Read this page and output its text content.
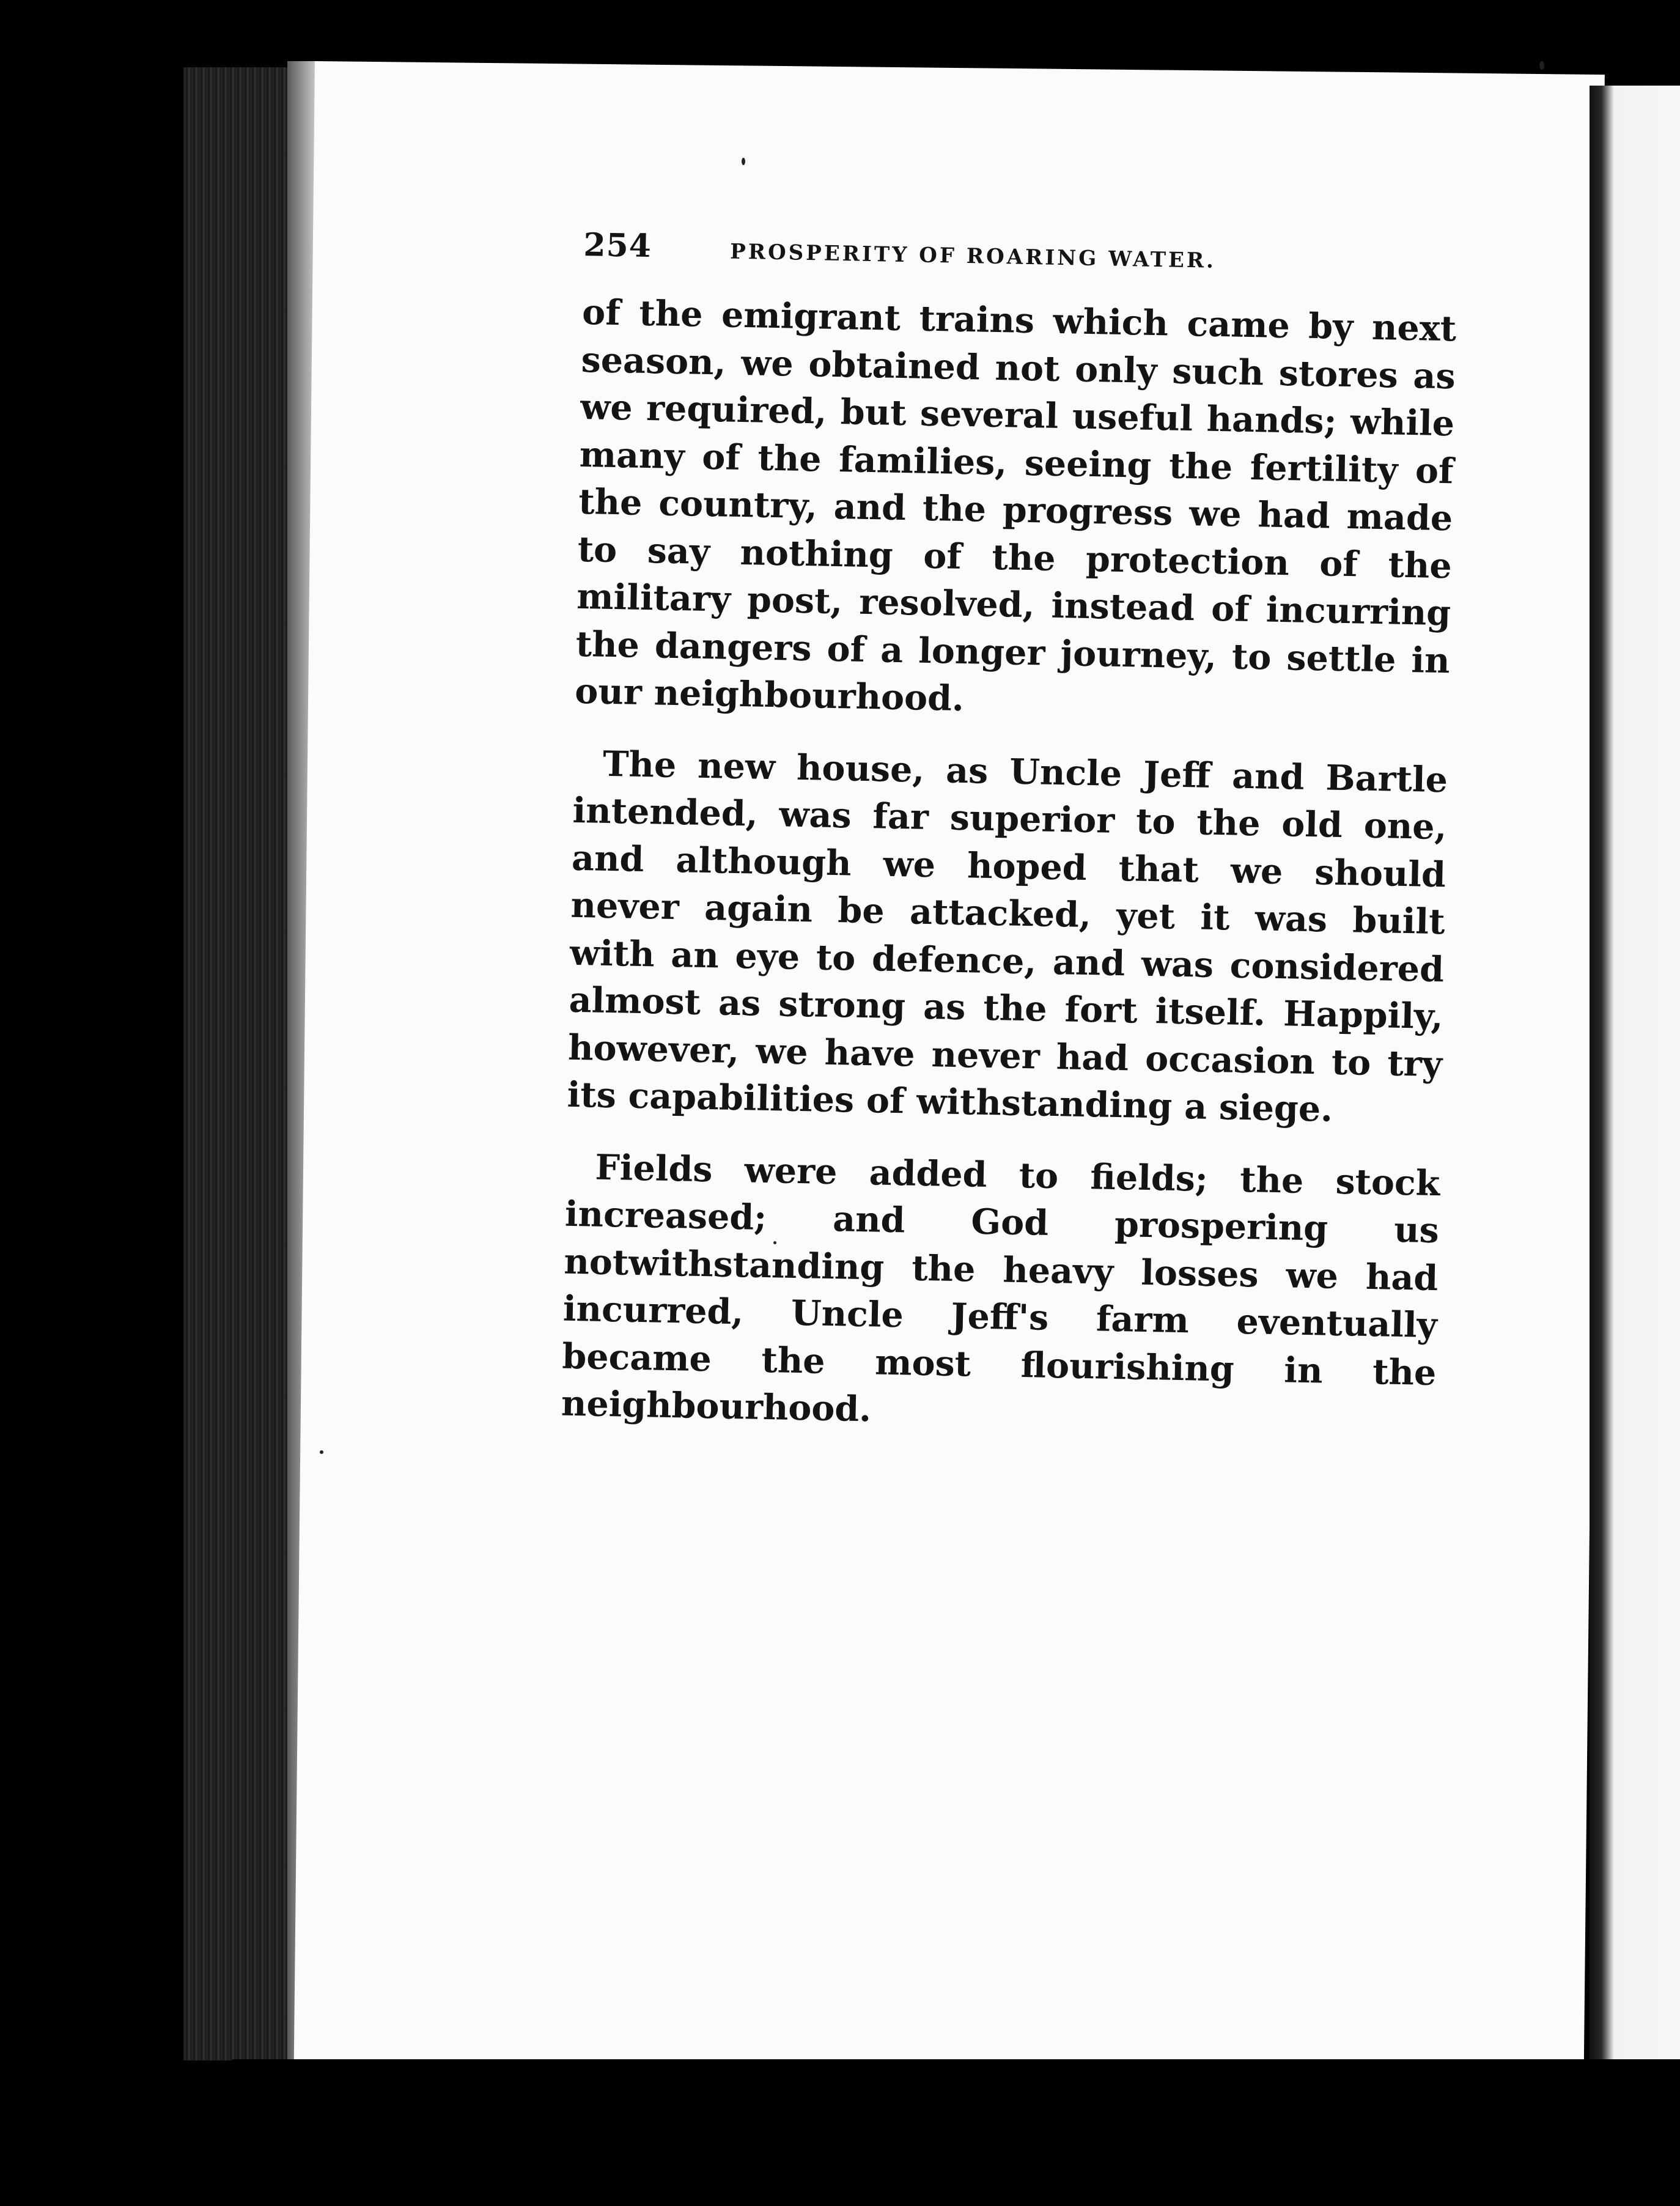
254	PROSPERITY OF ROARING WATER.

of the emigrant trains which came by next season, we obtained not only such stores as we required, but several useful hands; while many of the families, seeing the fertility of the country, and the progress we had made to say nothing of the protection of the military post, resolved, instead of incurring the dangers of a longer journey, to settle in our neighbourhood.

The new house, as Uncle Jeff and Bartle intended, was far superior to the old one, and although we hoped that we should never again be attacked, yet it was built with an eye to defence, and was considered almost as strong as the fort itself. Happily, however, we have never had occasion to try its capabilities of withstanding a siege.

Fields were added to fields; the stock increased; and God prospering us notwithstanding the heavy losses we had incurred, Uncle Jeff's farm eventually became the most flourishing in the neighbourhood.
